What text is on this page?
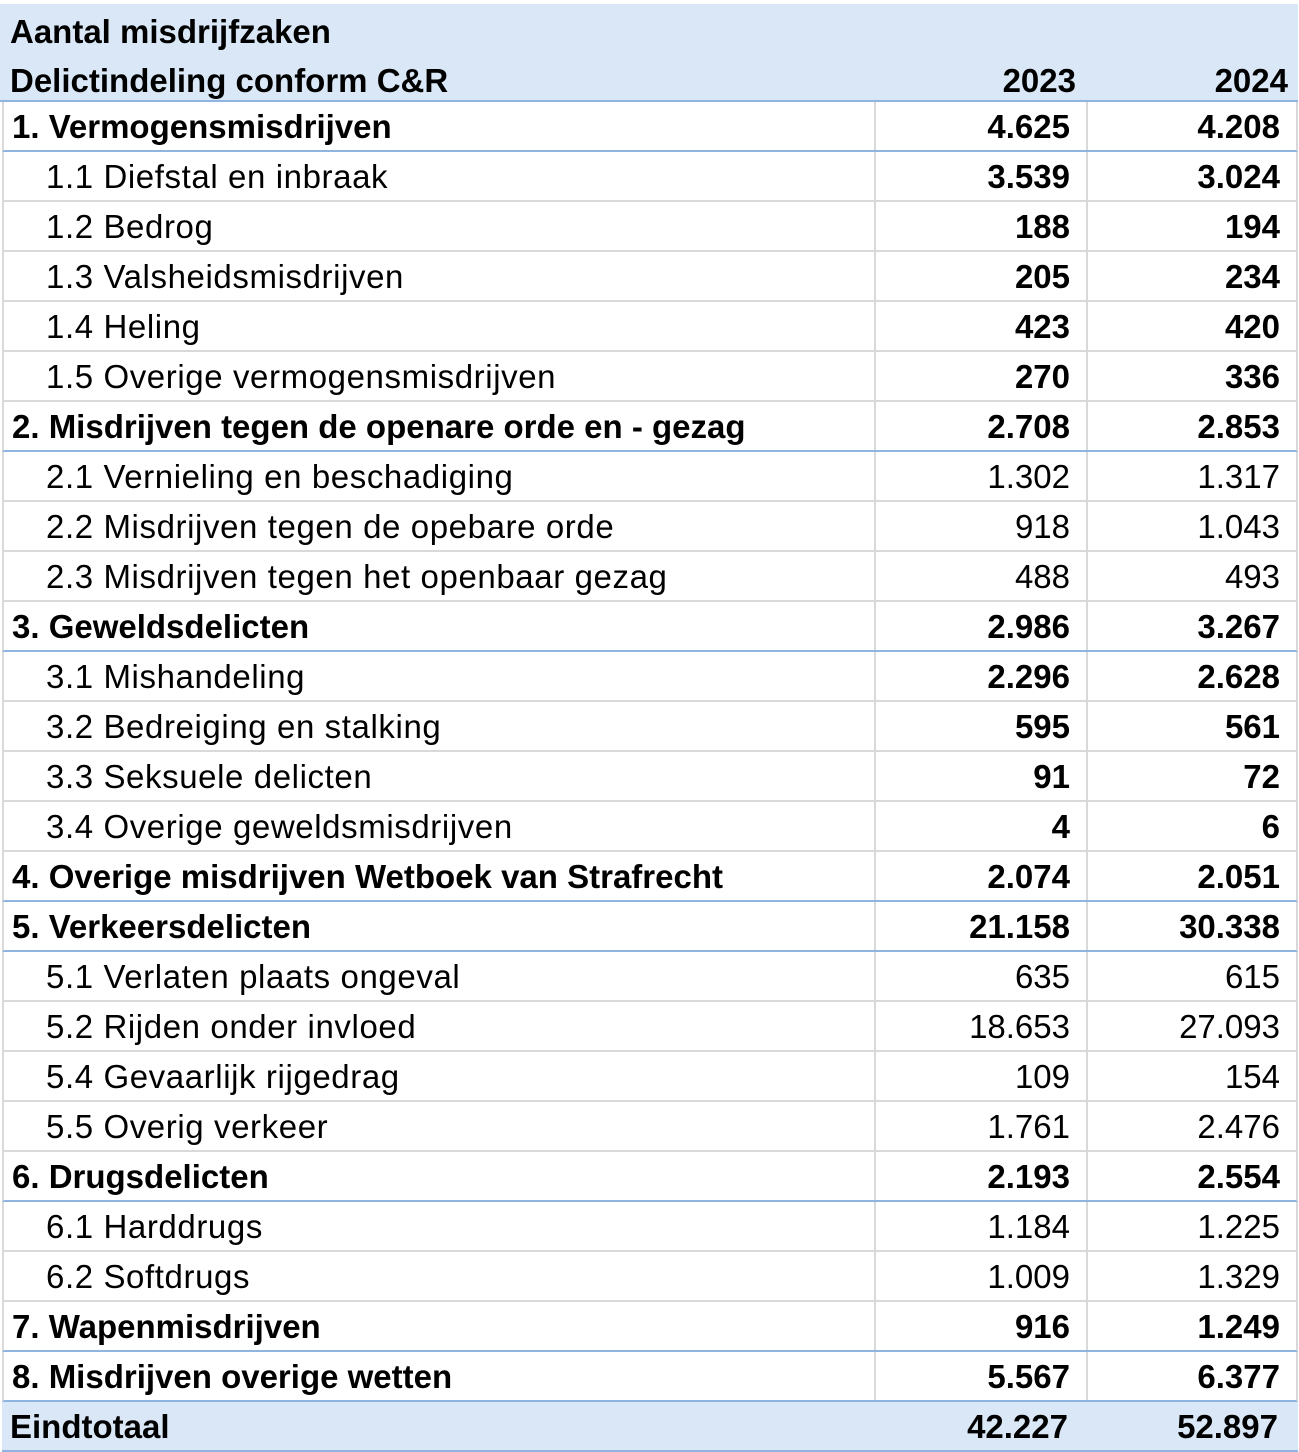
Aantal misdrijfzaken
Delictindeling conform C&R	2023	2024
1. Vermogensmisdrijven	4.625	4.208
1.1 Diefstal en inbraak	3.539	3.024
1.2 Bedrog	188	194
1.3 Valsheidsmisdrijven	205	234
1.4 Heling	423	420
1.5 Overige vermogensmisdrijven	270	336
2. Misdrijven tegen de openare orde en - gezag	2.708	2.853
2.1 Vernieling en beschadiging	1.302	1.317
2.2 Misdrijven tegen de opebare orde	918	1.043
2.3 Misdrijven tegen het openbaar gezag	488	493
3. Geweldsdelicten	2.986	3.267
3.1 Mishandeling	2.296	2.628
3.2 Bedreiging en stalking	595	561
3.3 Seksuele delicten	91	72
3.4 Overige geweldsmisdrijven	4	6
4. Overige misdrijven Wetboek van Strafrecht	2.074	2.051
5. Verkeersdelicten	21.158	30.338
5.1 Verlaten plaats ongeval	635	615
5.2 Rijden onder invloed	18.653	27.093
5.4 Gevaarlijk rijgedrag	109	154
5.5 Overig verkeer	1.761	2.476
6. Drugsdelicten	2.193	2.554
6.1 Harddrugs	1.184	1.225
6.2 Softdrugs	1.009	1.329
7. Wapenmisdrijven	916	1.249
8. Misdrijven overige wetten	5.567	6.377
Eindtotaal	42.227	52.897
